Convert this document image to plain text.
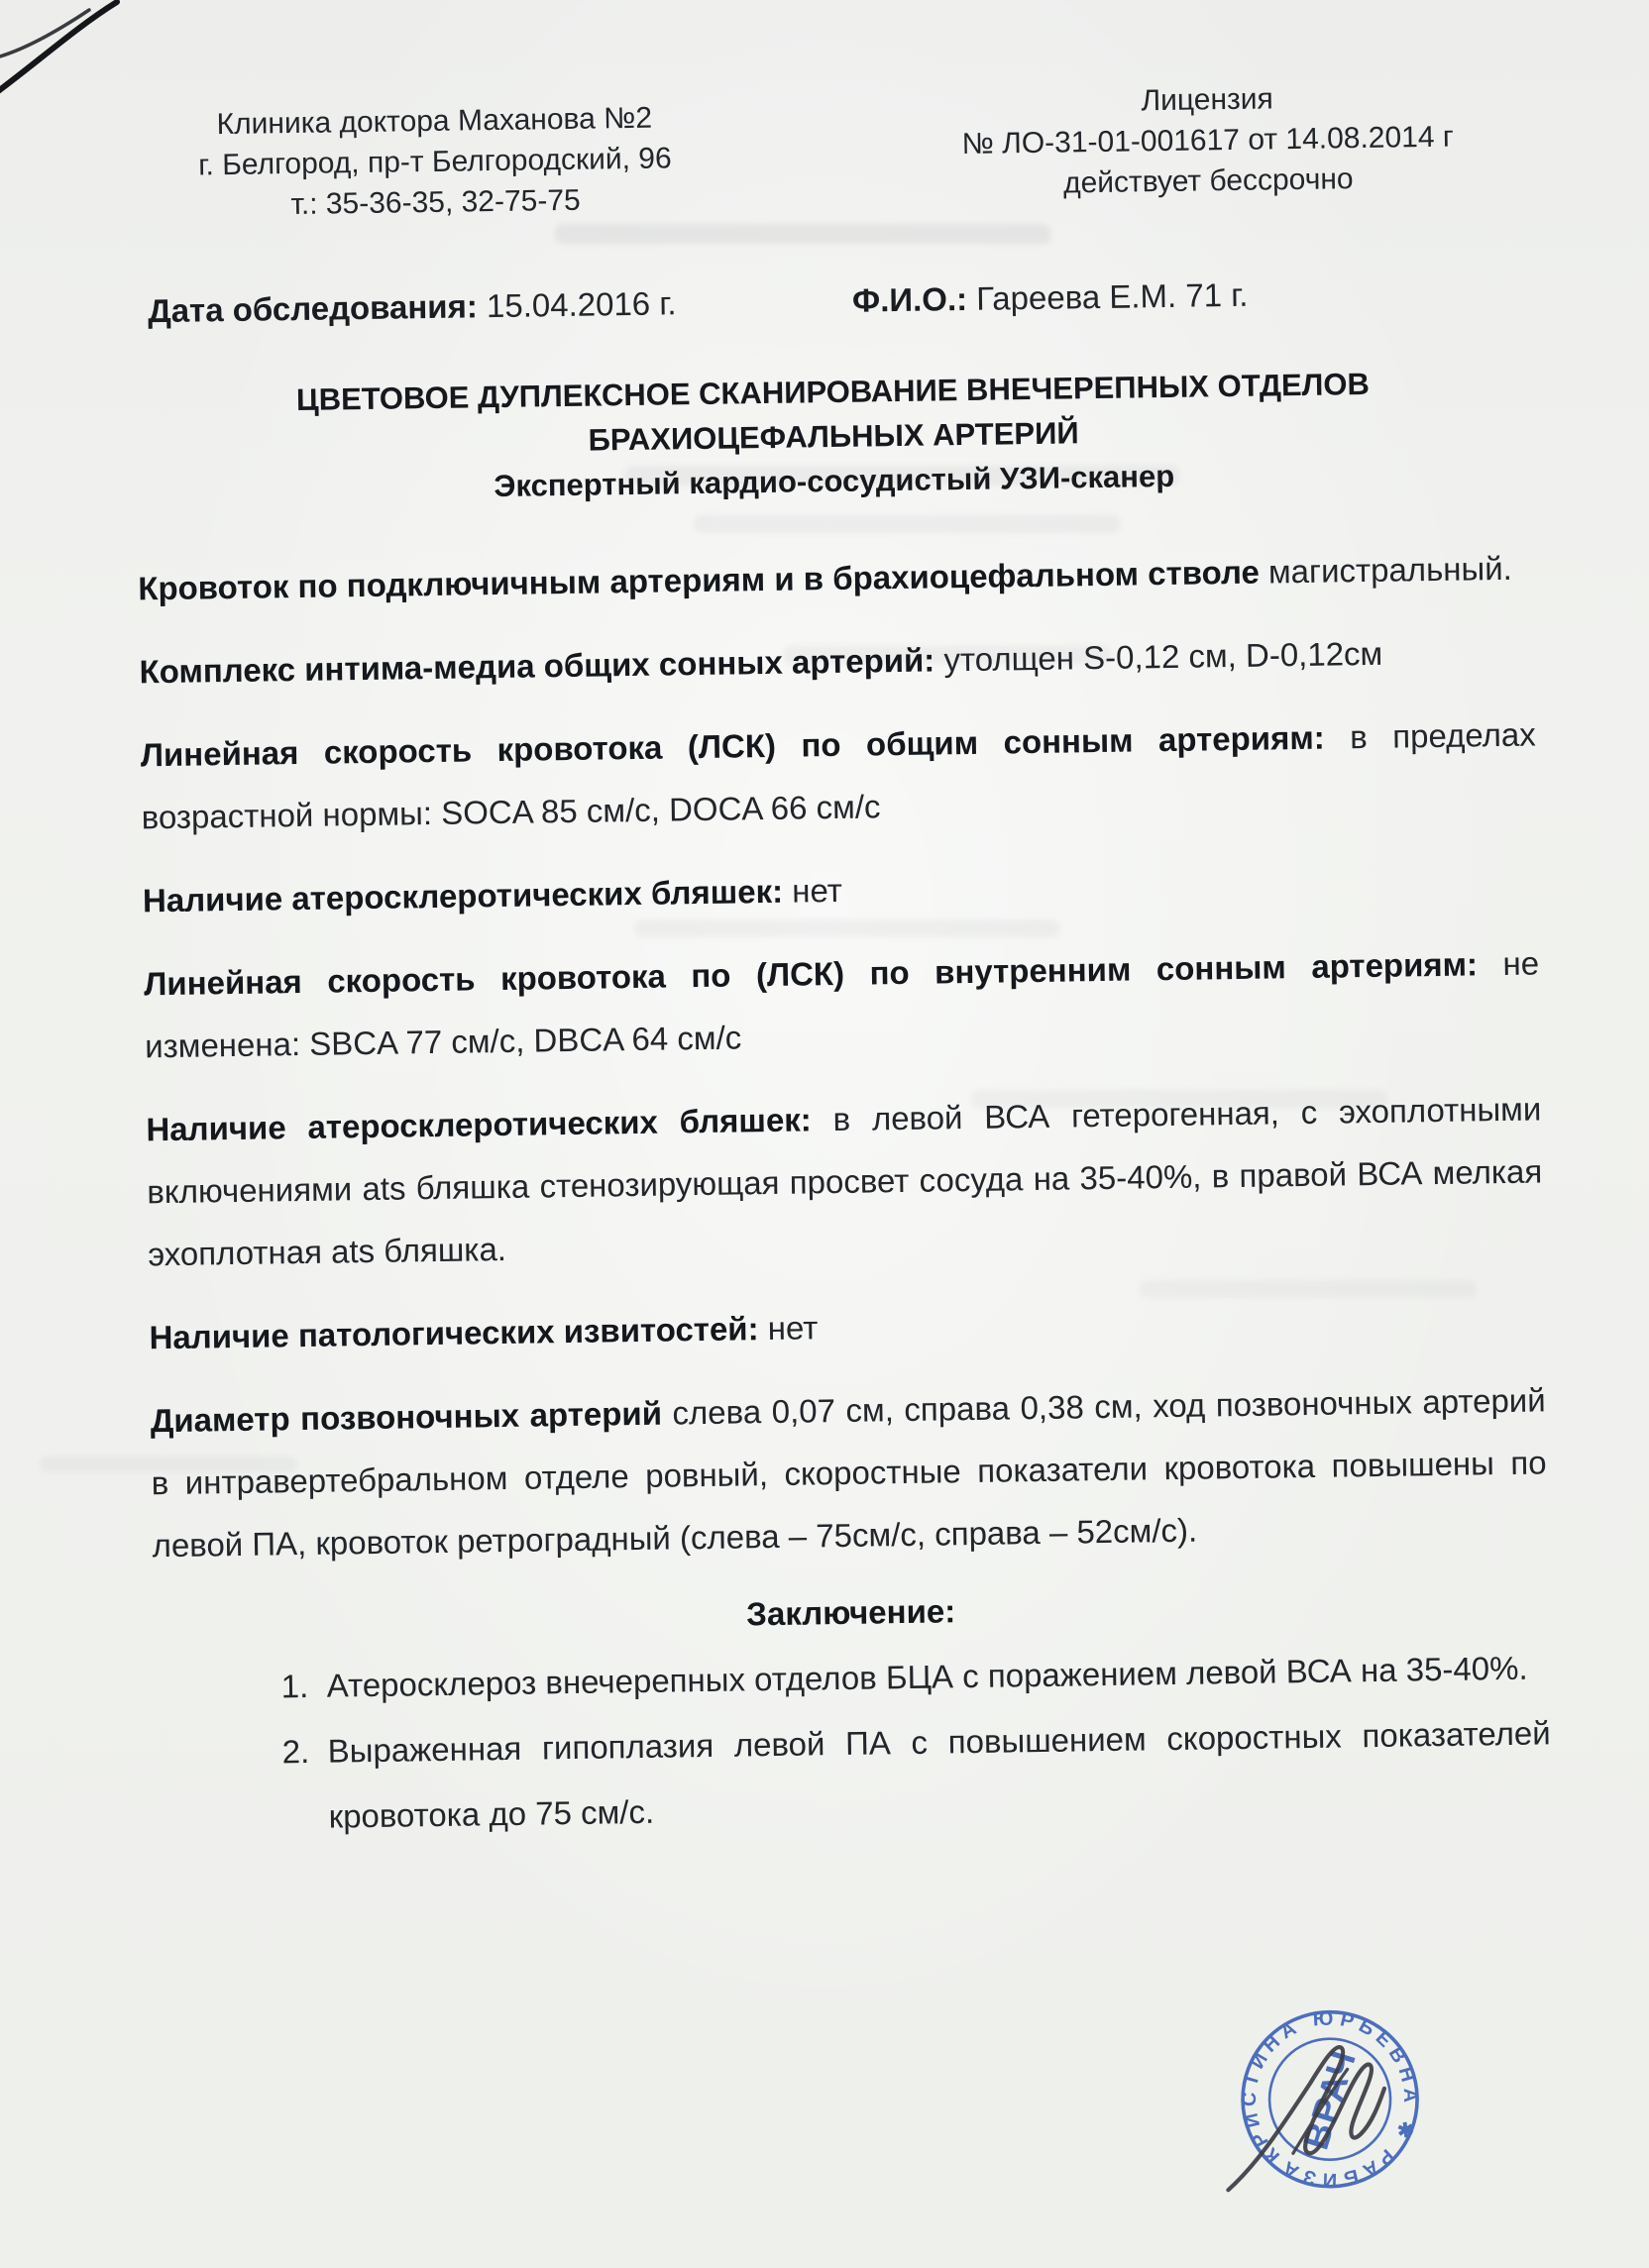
Клиника доктора Маханова №2
г. Белгород, пр-т Белгородский, 96
т.: 35-36-35, 32-75-75
Лицензия
№ ЛО-31-01-001617 от 14.08.2014 г
действует бессрочно
Дата обследования: 15.04.2016 г.	Ф.И.О.: Гареева Е.М. 71 г.
ЦВЕТОВОЕ ДУПЛЕКСНОЕ СКАНИРОВАНИЕ ВНЕЧЕРЕПНЫХ ОТДЕЛОВ
БРАХИОЦЕФАЛЬНЫХ АРТЕРИЙ
Экспертный кардио-сосудистый УЗИ-сканер

Кровоток по подключичным артериям и в брахиоцефальном стволе магистральный.

Комплекс интима-медиа общих сонных артерий: утолщен S-0,12 см, D-0,12см

Линейная скорость кровотока (ЛСК) по общим сонным артериям: в пределах возрастной нормы: SOCA 85 см/с, DOCA 66 см/с

Наличие атеросклеротических бляшек: нет

Линейная скорость кровотока по (ЛСК) по внутренним сонным артериям: не изменена: SBCA 77 см/с, DBCA 64 см/с

Наличие атеросклеротических бляшек: в левой ВСА гетерогенная, с эхоплотными включениями ats бляшка стенозирующая просвет сосуда на 35-40%, в правой ВСА мелкая эхоплотная ats бляшка.

Наличие патологических извитостей: нет

Диаметр позвоночных артерий слева 0,07 см, справа 0,38 см, ход позвоночных артерий в интравертебральном отделе ровный, скоростные показатели кровотока повышены по левой ПА, кровоток ретроградный (слева – 75см/с, справа – 52см/с).

Заключение:
1. Атеросклероз внечерепных отделов БЦА с поражением левой ВСА на 35-40%.
2. Выраженная гипоплазия левой ПА с повышением скоростных показателей кровотока до 75 см/с.
КРИСТИНА ЮРЬЕВНА ✱ РАБИЗА
ВРАЧ
